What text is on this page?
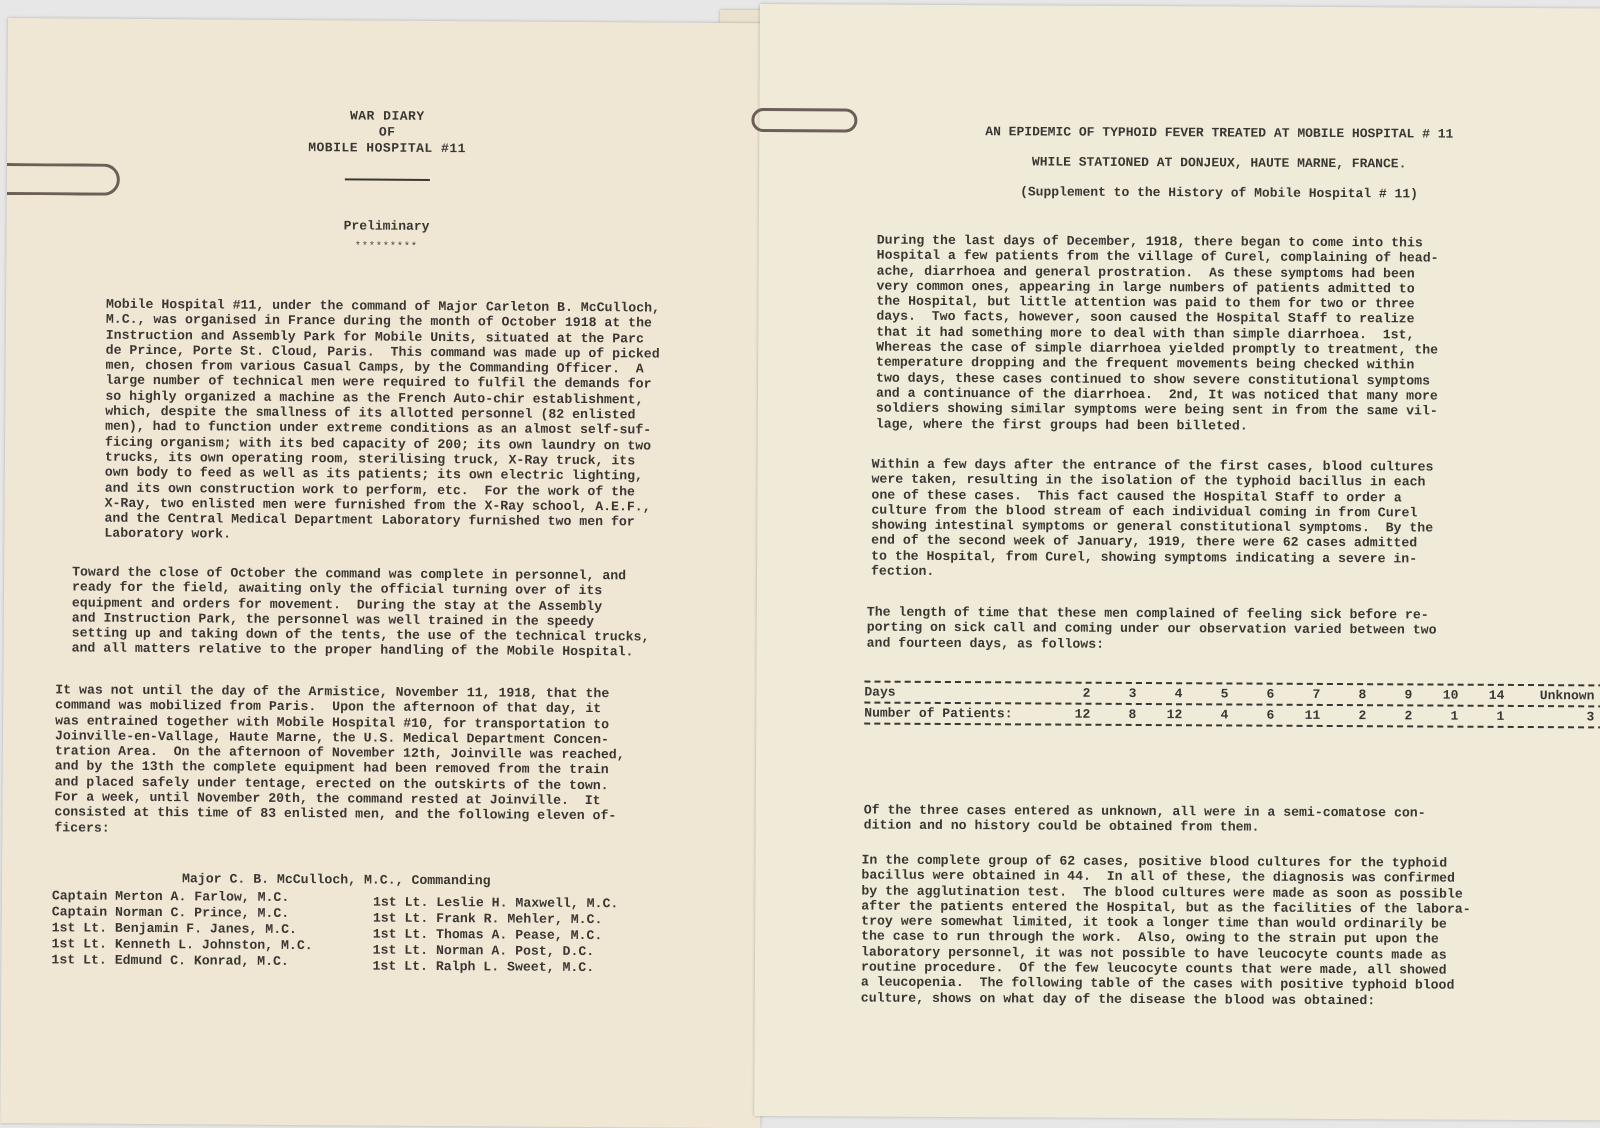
WAR DIARY
OF
MOBILE HOSPITAL #11
Preliminary
*********
Mobile Hospital #11, under the command of Major Carleton B. McCulloch,
M.C., was organised in France during the month of October 1918 at the
Instruction and Assembly Park for Mobile Units, situated at the Parc
de Prince, Porte St. Cloud, Paris.  This command was made up of picked
men, chosen from various Casual Camps, by the Commanding Officer.  A
large number of technical men were required to fulfil the demands for
so highly organized a machine as the French Auto-chir establishment,
which, despite the smallness of its allotted personnel (82 enlisted
men), had to function under extreme conditions as an almost self-suf-
ficing organism; with its bed capacity of 200; its own laundry on two
trucks, its own operating room, sterilising truck, X-Ray truck, its
own body to feed as well as its patients; its own electric lighting,
and its own construction work to perform, etc.  For the work of the
X-Ray, two enlisted men were furnished from the X-Ray school, A.E.F.,
and the Central Medical Department Laboratory furnished two men for
Laboratory work.
Toward the close of October the command was complete in personnel, and
ready for the field, awaiting only the official turning over of its
equipment and orders for movement.  During the stay at the Assembly
and Instruction Park, the personnel was well trained in the speedy
setting up and taking down of the tents, the use of the technical trucks,
and all matters relative to the proper handling of the Mobile Hospital.
It was not until the day of the Armistice, November 11, 1918, that the
command was mobilized from Paris.  Upon the afternoon of that day, it
was entrained together with Mobile Hospital #10, for transportation to
Joinville-en-Vallage, Haute Marne, the U.S. Medical Department Concen-
tration Area.  On the afternoon of November 12th, Joinville was reached,
and by the 13th the complete equipment had been removed from the train
and placed safely under tentage, erected on the outskirts of the town.
For a week, until November 20th, the command rested at Joinville.  It
consisted at this time of 83 enlisted men, and the following eleven of-
ficers:
Major C. B. McCulloch, M.C., Commanding
Captain Merton A. Farlow, M.C.
Captain Norman C. Prince, M.C.
1st Lt. Benjamin F. Janes, M.C.
1st Lt. Kenneth L. Johnston, M.C.
1st Lt. Edmund C. Konrad, M.C.
1st Lt. Leslie H. Maxwell, M.C.
1st Lt. Frank R. Mehler, M.C.
1st Lt. Thomas A. Pease, M.C.
1st Lt. Norman A. Post, D.C.
1st Lt. Ralph L. Sweet, M.C.
AN EPIDEMIC OF TYPHOID FEVER TREATED AT MOBILE HOSPITAL # 11
WHILE STATIONED AT DONJEUX, HAUTE MARNE, FRANCE.
(Supplement to the History of Mobile Hospital # 11)
During the last days of December, 1918, there began to come into this
Hospital a few patients from the village of Curel, complaining of head-
ache, diarrhoea and general prostration.  As these symptoms had been
very common ones, appearing in large numbers of patients admitted to
the Hospital, but little attention was paid to them for two or three
days.  Two facts, however, soon caused the Hospital Staff to realize
that it had something more to deal with than simple diarrhoea.  1st,
Whereas the case of simple diarrhoea yielded promptly to treatment, the
temperature dropping and the frequent movements being checked within
two days, these cases continued to show severe constitutional symptoms
and a continuance of the diarrhoea.  2nd, It was noticed that many more
soldiers showing similar symptoms were being sent in from the same vil-
lage, where the first groups had been billeted.
Within a few days after the entrance of the first cases, blood cultures
were taken, resulting in the isolation of the typhoid bacillus in each
one of these cases.  This fact caused the Hospital Staff to order a
culture from the blood stream of each individual coming in from Curel
showing intestinal symptoms or general constitutional symptoms.  By the
end of the second week of January, 1919, there were 62 cases admitted
to the Hospital, from Curel, showing symptoms indicating a severe in-
fection.
The length of time that these men complained of feeling sick before re-
porting on sick call and coming under our observation varied between two
and fourteen days, as follows:
Days	2	3	4	5	6	7	8	9	10	14	Unknown
Number of Patients:	12	8	12	4	6	11	2	2	1	1	3
Of the three cases entered as unknown, all were in a semi-comatose con-
dition and no history could be obtained from them.
In the complete group of 62 cases, positive blood cultures for the typhoid
bacillus were obtained in 44.  In all of these, the diagnosis was confirmed
by the agglutination test.  The blood cultures were made as soon as possible
after the patients entered the Hospital, but as the facilities of the labora-
troy were somewhat limited, it took a longer time than would ordinarily be
the case to run through the work.  Also, owing to the strain put upon the
laboratory personnel, it was not possible to have leucocyte counts made as
routine procedure.  Of the few leucocyte counts that were made, all showed
a leucopenia.  The following table of the cases with positive typhoid blood
culture, shows on what day of the disease the blood was obtained:
